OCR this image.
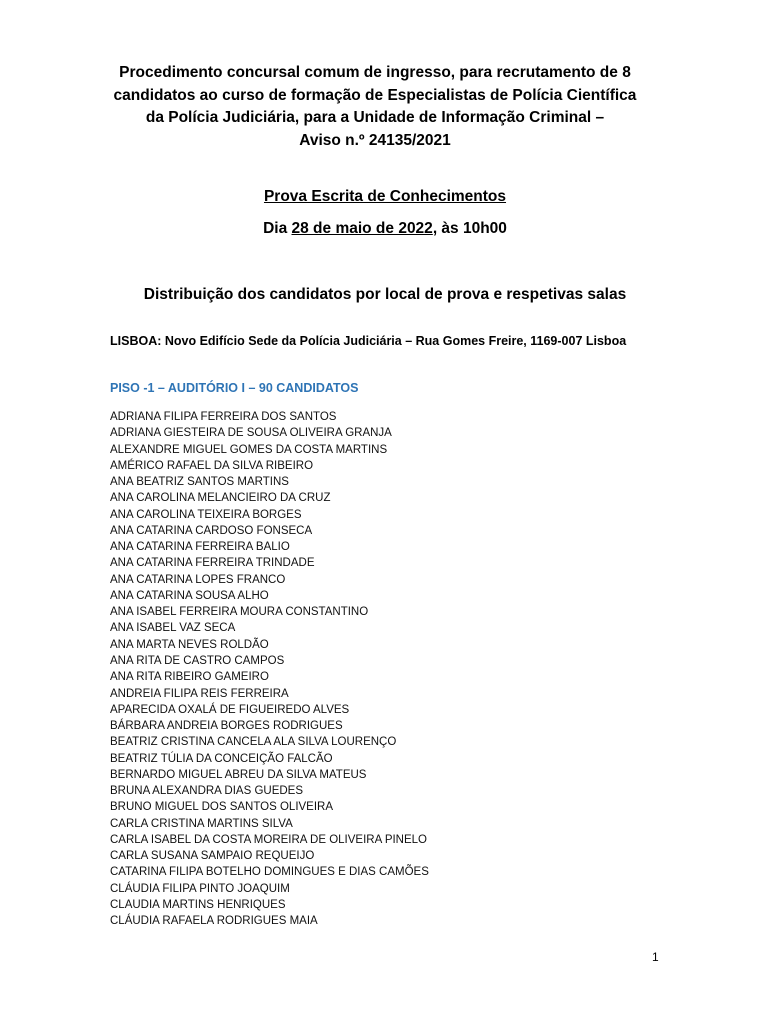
Procedimento concursal comum de ingresso, para recrutamento de 8
candidatos ao curso de formação de Especialistas de Polícia Científica
da Polícia Judiciária, para a Unidade de Informação Criminal –
Aviso n.º 24135/2021
Prova Escrita de Conhecimentos
Dia 28 de maio de 2022, às 10h00
Distribuição dos candidatos por local de prova e respetivas salas
LISBOA: Novo Edifício Sede da Polícia Judiciária – Rua Gomes Freire, 1169-007 Lisboa
PISO -1 – AUDITÓRIO I – 90 CANDIDATOS
ADRIANA FILIPA FERREIRA DOS SANTOS
ADRIANA GIESTEIRA DE SOUSA OLIVEIRA GRANJA
ALEXANDRE MIGUEL GOMES DA COSTA MARTINS
AMÉRICO RAFAEL DA SILVA RIBEIRO
ANA BEATRIZ SANTOS MARTINS
ANA CAROLINA MELANCIEIRO DA CRUZ
ANA CAROLINA TEIXEIRA BORGES
ANA CATARINA CARDOSO FONSECA
ANA CATARINA FERREIRA BALIO
ANA CATARINA FERREIRA TRINDADE
ANA CATARINA LOPES FRANCO
ANA CATARINA SOUSA ALHO
ANA ISABEL FERREIRA MOURA CONSTANTINO
ANA ISABEL VAZ SECA
ANA MARTA NEVES ROLDÃO
ANA RITA DE CASTRO CAMPOS
ANA RITA RIBEIRO GAMEIRO
ANDREIA FILIPA REIS FERREIRA
APARECIDA OXALÁ DE FIGUEIREDO ALVES
BÁRBARA ANDREIA BORGES RODRIGUES
BEATRIZ CRISTINA CANCELA ALA SILVA LOURENÇO
BEATRIZ TÚLIA DA CONCEIÇÃO FALCÃO
BERNARDO MIGUEL ABREU DA SILVA MATEUS
BRUNA ALEXANDRA DIAS GUEDES
BRUNO MIGUEL DOS SANTOS OLIVEIRA
CARLA CRISTINA MARTINS SILVA
CARLA ISABEL DA COSTA MOREIRA DE OLIVEIRA PINELO
CARLA SUSANA SAMPAIO REQUEIJO
CATARINA FILIPA BOTELHO DOMINGUES E DIAS CAMÕES
CLÁUDIA FILIPA PINTO JOAQUIM
CLAUDIA MARTINS HENRIQUES
CLÁUDIA RAFAELA RODRIGUES MAIA
1
